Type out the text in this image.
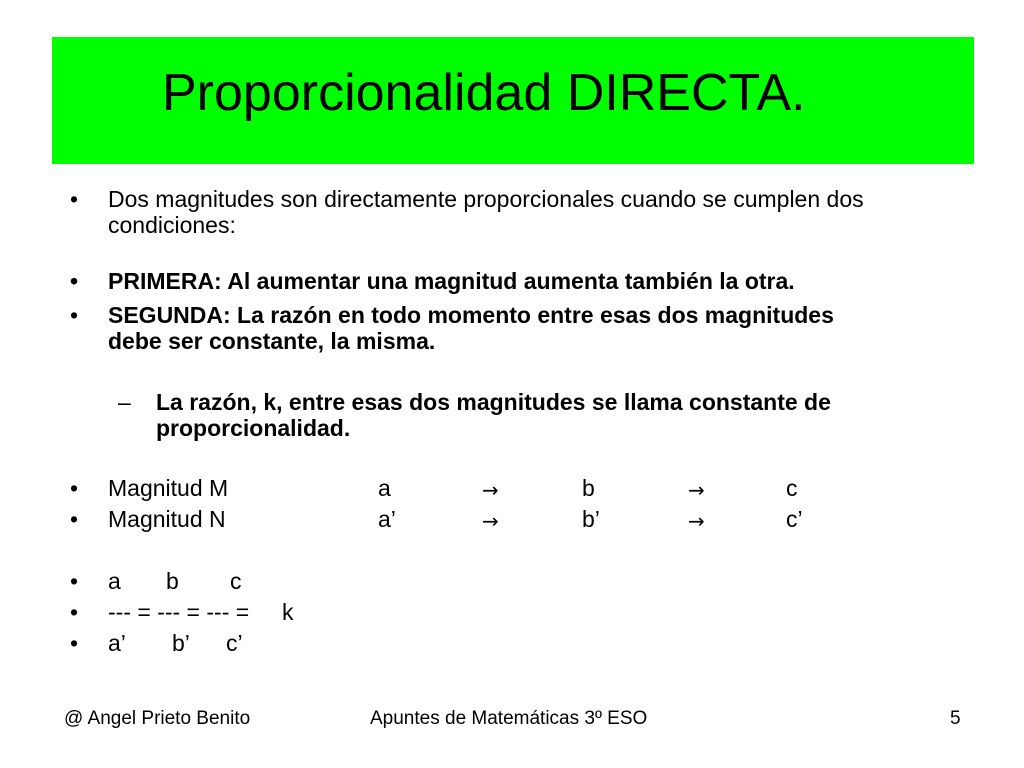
Proporcionalidad DIRECTA.
• Dos magnitudes son directamente proporcionales cuando se cumplen dos
condiciones:
• PRIMERA: Al aumentar una magnitud aumenta también la otra.
• SEGUNDA: La razón en todo momento entre esas dos magnitudes
debe ser constante, la misma.
– La razón, k, entre esas dos magnitudes se llama constante de
proporcionalidad.
• Magnitud M	a	→	b	→	c
• Magnitud N	a’	→	b’	→	c’
• a b c
• --- = --- = --- = k
• a’ b’ c’
@ Angel Prieto Benito	Apuntes de Matemáticas 3º ESO	5
